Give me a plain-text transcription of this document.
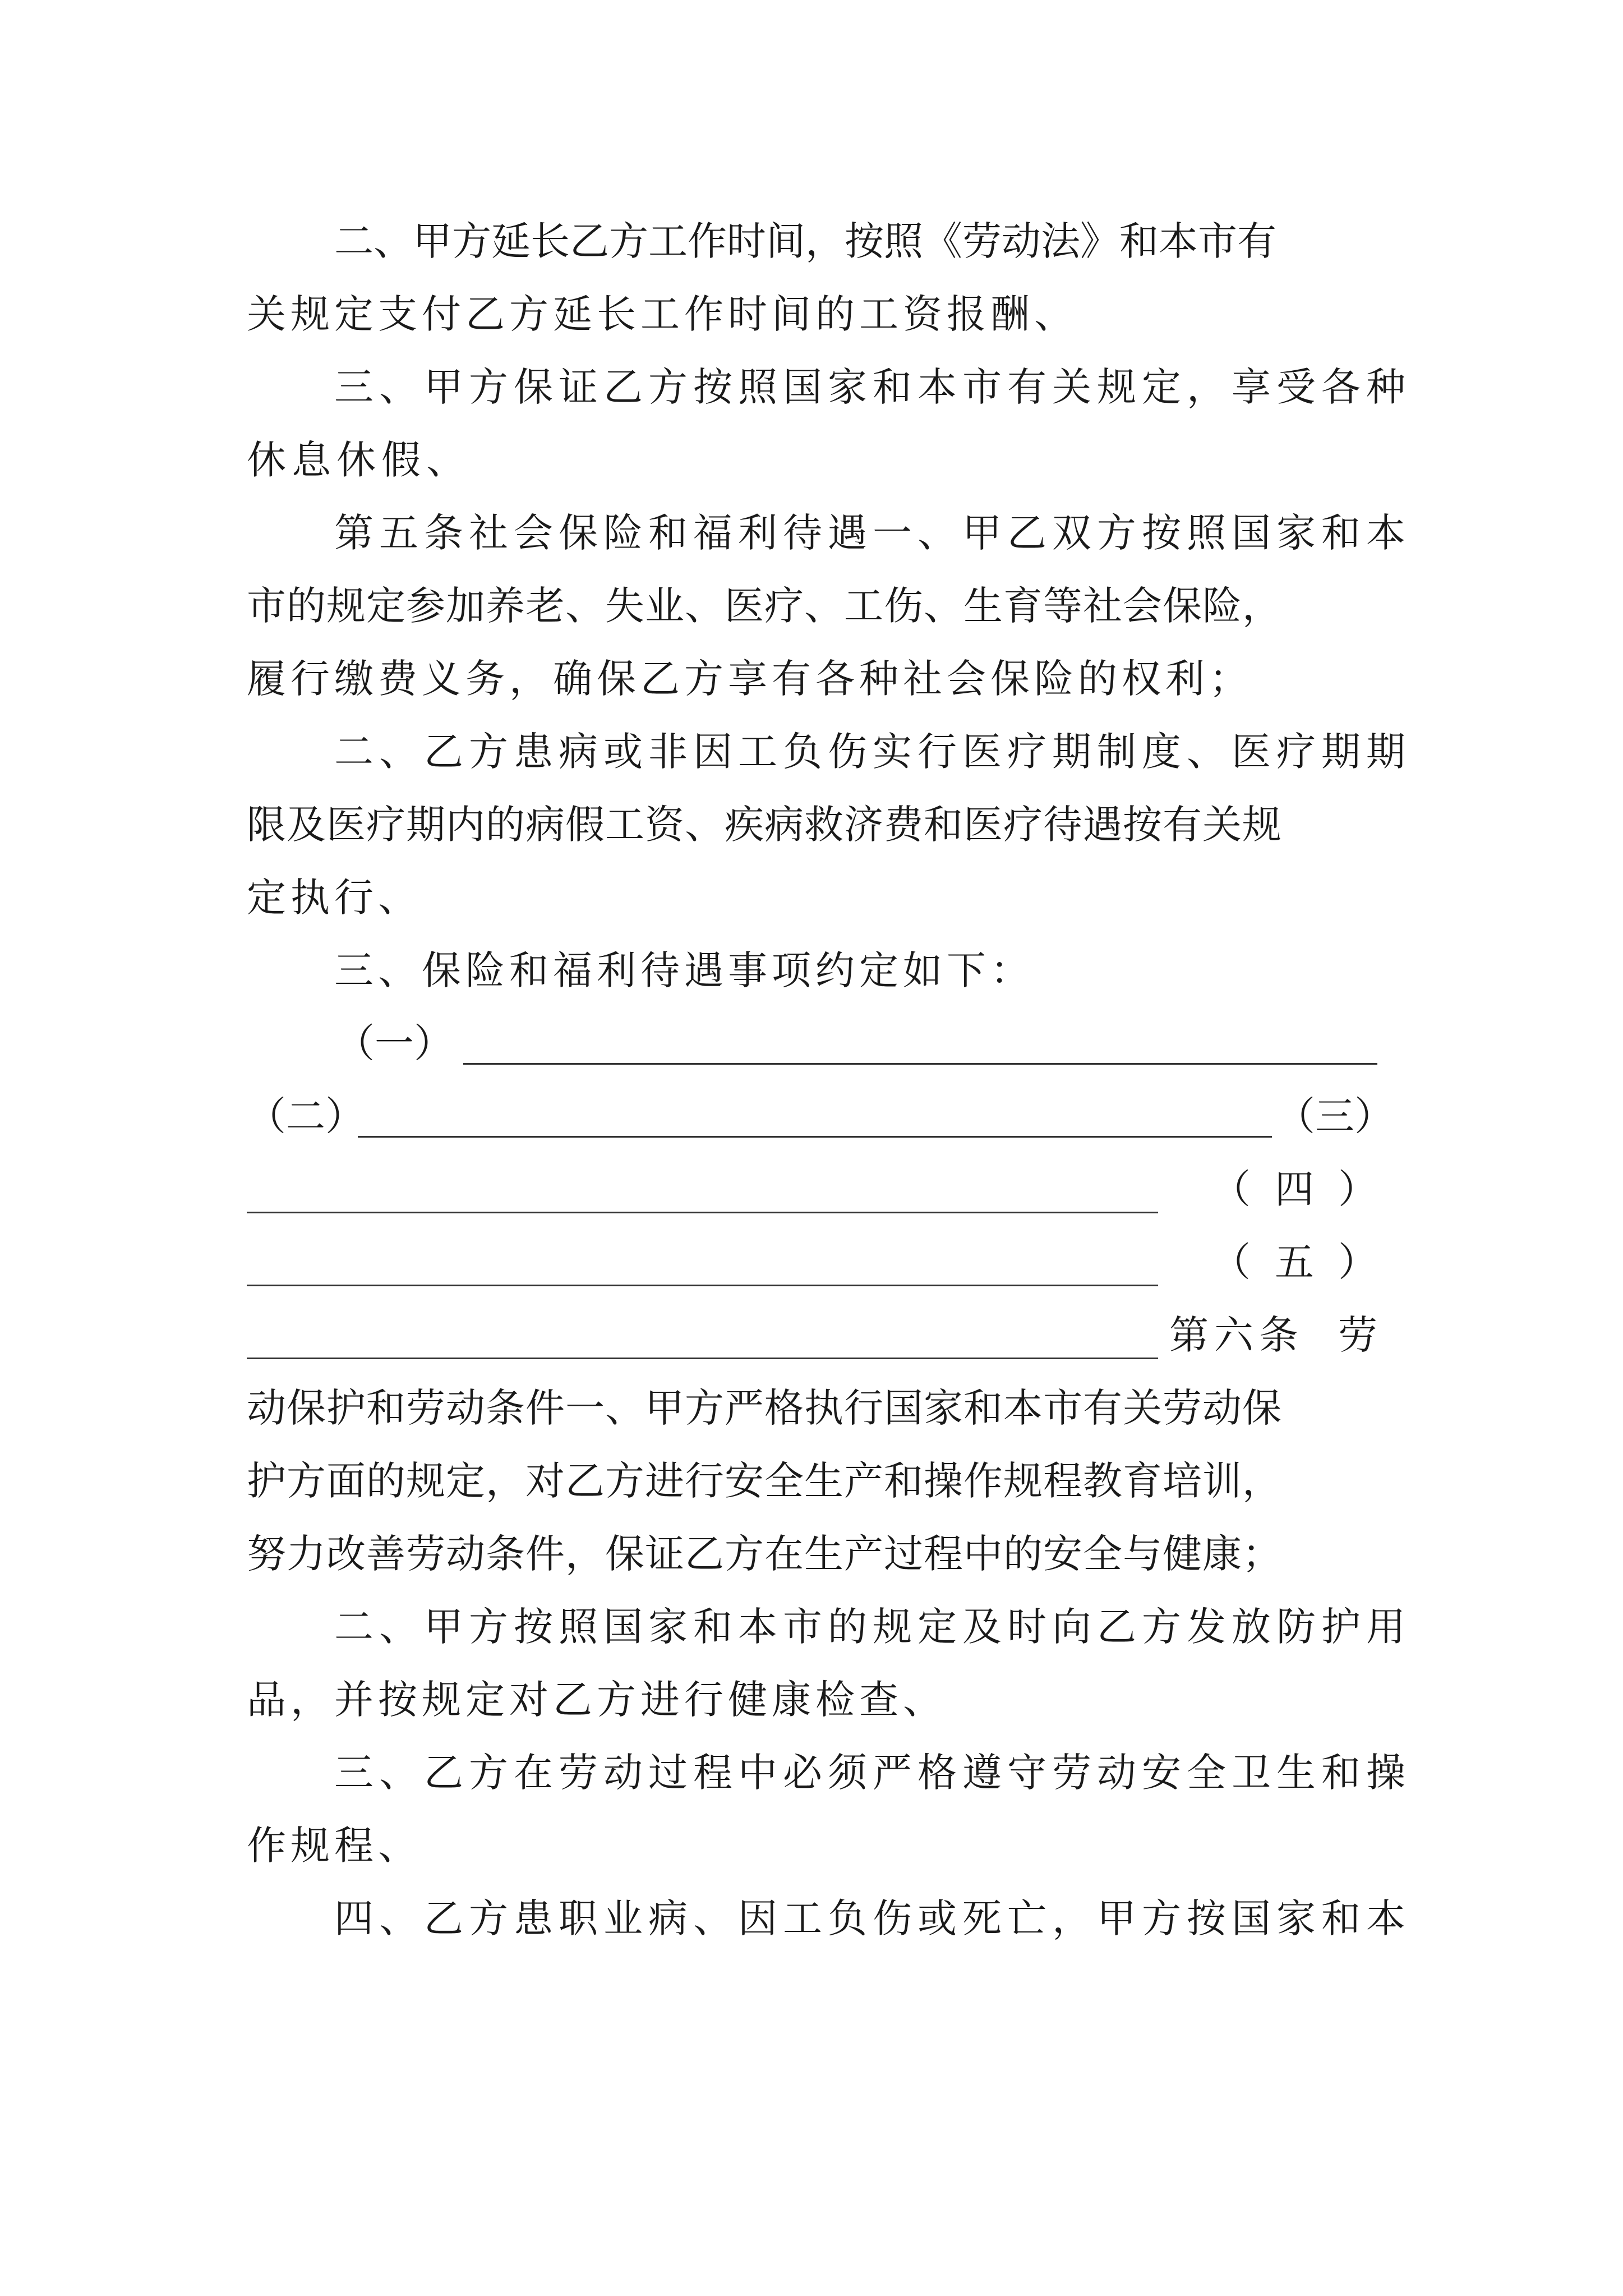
二、甲方延长乙方工作时间，按照《劳动法》和本市有
关规定支付乙方延长工作时间的工资报酬、
三、甲方保证乙方按照国家和本市有关规定，享受各种
休息休假、
第五条社会保险和福利待遇一、甲乙双方按照国家和本
市的规定参加养老、失业、医疗、工伤、生育等社会保险，
履行缴费义务，确保乙方享有各种社会保险的权利；
二、乙方患病或非因工负伤实行医疗期制度、医疗期期
限及医疗期内的病假工资、疾病救济费和医疗待遇按有关规
定执行、
三、保险和福利待遇事项约定如下：
（一）
（二）	（三）
（ 四 ）
（ 五 ）
第六条 劳
动保护和劳动条件一、甲方严格执行国家和本市有关劳动保
护方面的规定，对乙方进行安全生产和操作规程教育培训，
努力改善劳动条件，保证乙方在生产过程中的安全与健康；
二、甲方按照国家和本市的规定及时向乙方发放防护用
品，并按规定对乙方进行健康检查、
三、乙方在劳动过程中必须严格遵守劳动安全卫生和操
作规程、
四、乙方患职业病、因工负伤或死亡，甲方按国家和本
